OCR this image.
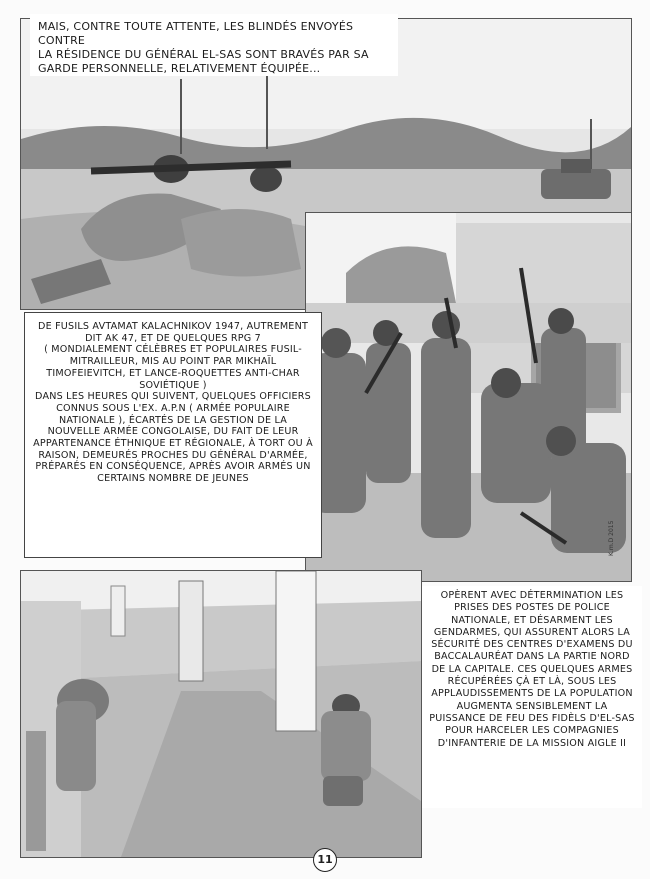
MAIS, CONTRE TOUTE ATTENTE, LES BLINDÉS ENVOYÉS CONTRE
LA RÉSIDENCE DU GÉNÉRAL EL-SAS SONT BRAVÉS PAR SA
GARDE PERSONNELLE, RELATIVEMENT ÉQUIPÉE...
DE FUSILS AVTAMAT KALACHNIKOV 1947, AUTREMENT DIT AK 47, ET DE QUELQUES RPG 7
( MONDIALEMENT CÉLÈBRES ET POPULAIRES FUSIL-MITRAILLEUR, MIS AU POINT PAR MIKHAÏL TIMOFEIEVITCH, ET LANCE-ROQUETTES ANTI-CHAR SOVIÉTIQUE )
DANS LES HEURES QUI SUIVENT, QUELQUES OFFICIERS CONNUS SOUS L'EX. A.P.N ( ARMÉE POPULAIRE NATIONALE ), ÉCARTÉS DE LA GESTION DE LA NOUVELLE ARMÉE CONGOLAISE, DU FAIT DE LEUR APPARTENANCE ÉTHNIQUE ET RÉGIONALE, À TORT OU À RAISON, DEMEURÉS PROCHES DU GÉNÉRAL D'ARMÉE, PRÉPARÉS EN CONSÉQUENCE, APRÈS AVOIR ARMÉS UN CERTAINS NOMBRE DE JEUNES
OPÈRENT AVEC DÉTERMINATION LES PRISES DES POSTES DE POLICE NATIONALE, ET DÉSARMENT LES GENDARMES, QUI ASSURENT ALORS LA SÉCURITÉ DES CENTRES D'EXAMENS DU BACCALAURÉAT DANS LA PARTIE NORD DE LA CAPITALE. CES QUELQUES ARMES RÉCUPÉRÉES ÇÀ ET LÀ, SOUS LES APPLAUDISSEMENTS DE LA POPULATION AUGMENTA SENSIBLEMENT LA PUISSANCE DE FEU DES FIDÈLS D'EL-SAS POUR HARCELER LES COMPAGNIES D'INFANTERIE DE LA MISSION AIGLE II
K.m.D 2015
11
